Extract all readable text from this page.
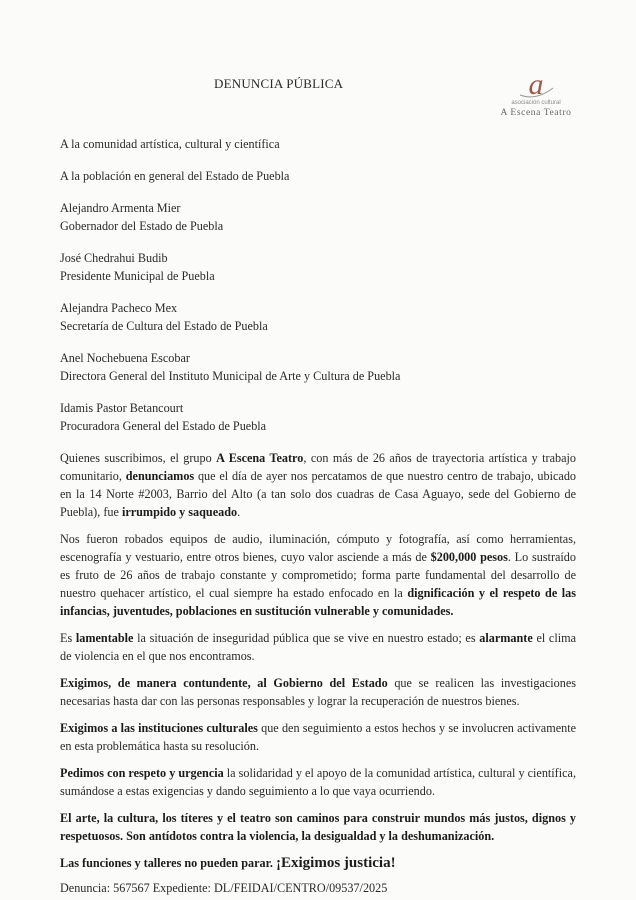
DENUNCIA PÚBLICA	a
asociación cultural
A Escena Teatro

A la comunidad artística, cultural y científica

A la población en general del Estado de Puebla

Alejandro Armenta Mier
Gobernador del Estado de Puebla

José Chedrahui Budib
Presidente Municipal de Puebla

Alejandra Pacheco Mex
Secretaría de Cultura del Estado de Puebla

Anel Nochebuena Escobar
Directora General del Instituto Municipal de Arte y Cultura de Puebla

Idamis Pastor Betancourt
Procuradora General del Estado de Puebla

Quienes suscribimos, el grupo A Escena Teatro, con más de 26 años de trayectoria artística y trabajo comunitario, denunciamos que el día de ayer nos percatamos de que nuestro centro de trabajo, ubicado en la 14 Norte #2003, Barrio del Alto (a tan solo dos cuadras de Casa Aguayo, sede del Gobierno de Puebla), fue irrumpido y saqueado.

Nos fueron robados equipos de audio, iluminación, cómputo y fotografía, así como herramientas, escenografía y vestuario, entre otros bienes, cuyo valor asciende a más de $200,000 pesos. Lo sustraído es fruto de 26 años de trabajo constante y comprometido; forma parte fundamental del desarrollo de nuestro quehacer artístico, el cual siempre ha estado enfocado en la dignificación y el respeto de las infancias, juventudes, poblaciones en sustitución vulnerable y comunidades.

Es lamentable la situación de inseguridad pública que se vive en nuestro estado; es alarmante el clima de violencia en el que nos encontramos.

Exigimos, de manera contundente, al Gobierno del Estado que se realicen las investigaciones necesarias hasta dar con las personas responsables y lograr la recuperación de nuestros bienes.

Exigimos a las instituciones culturales que den seguimiento a estos hechos y se involucren activamente en esta problemática hasta su resolución.

Pedimos con respeto y urgencia la solidaridad y el apoyo de la comunidad artística, cultural y científica, sumándose a estas exigencias y dando seguimiento a lo que vaya ocurriendo.

El arte, la cultura, los títeres y el teatro son caminos para construir mundos más justos, dignos y respetuosos. Son antídotos contra la violencia, la desigualdad y la deshumanización.

Las funciones y talleres no pueden parar. ¡Exigimos justicia!

Denuncia: 567567 Expediente: DL/FEIDAI/CENTRO/09537/2025
